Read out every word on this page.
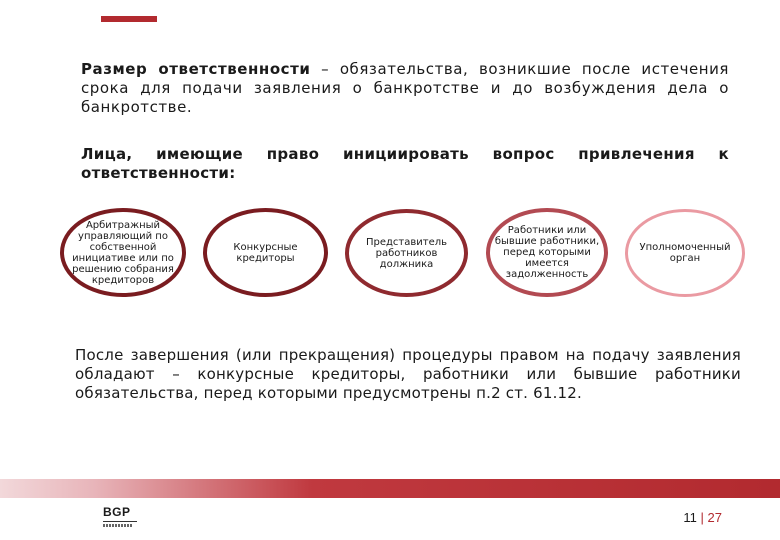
Размер ответственности – обязательства, возникшие после истечения срока для подачи заявления о банкротстве и до возбуждения дела о банкротстве.
Лица, имеющие право инициировать вопрос привлечения к
ответственности:
Арбитражный управляющий по собственной инициативе или по решению собрания кредиторов
Конкурсные кредиторы
Представитель работников должника
Работники или бывшие работники, перед которыми имеется задолженность
Уполномоченный орган
После завершения (или прекращения) процедуры правом на подачу заявления обладают – конкурсные кредиторы, работники или бывшие работники обязательства, перед которыми предусмотрены п.2 ст. 61.12.
BGP	11 | 27
